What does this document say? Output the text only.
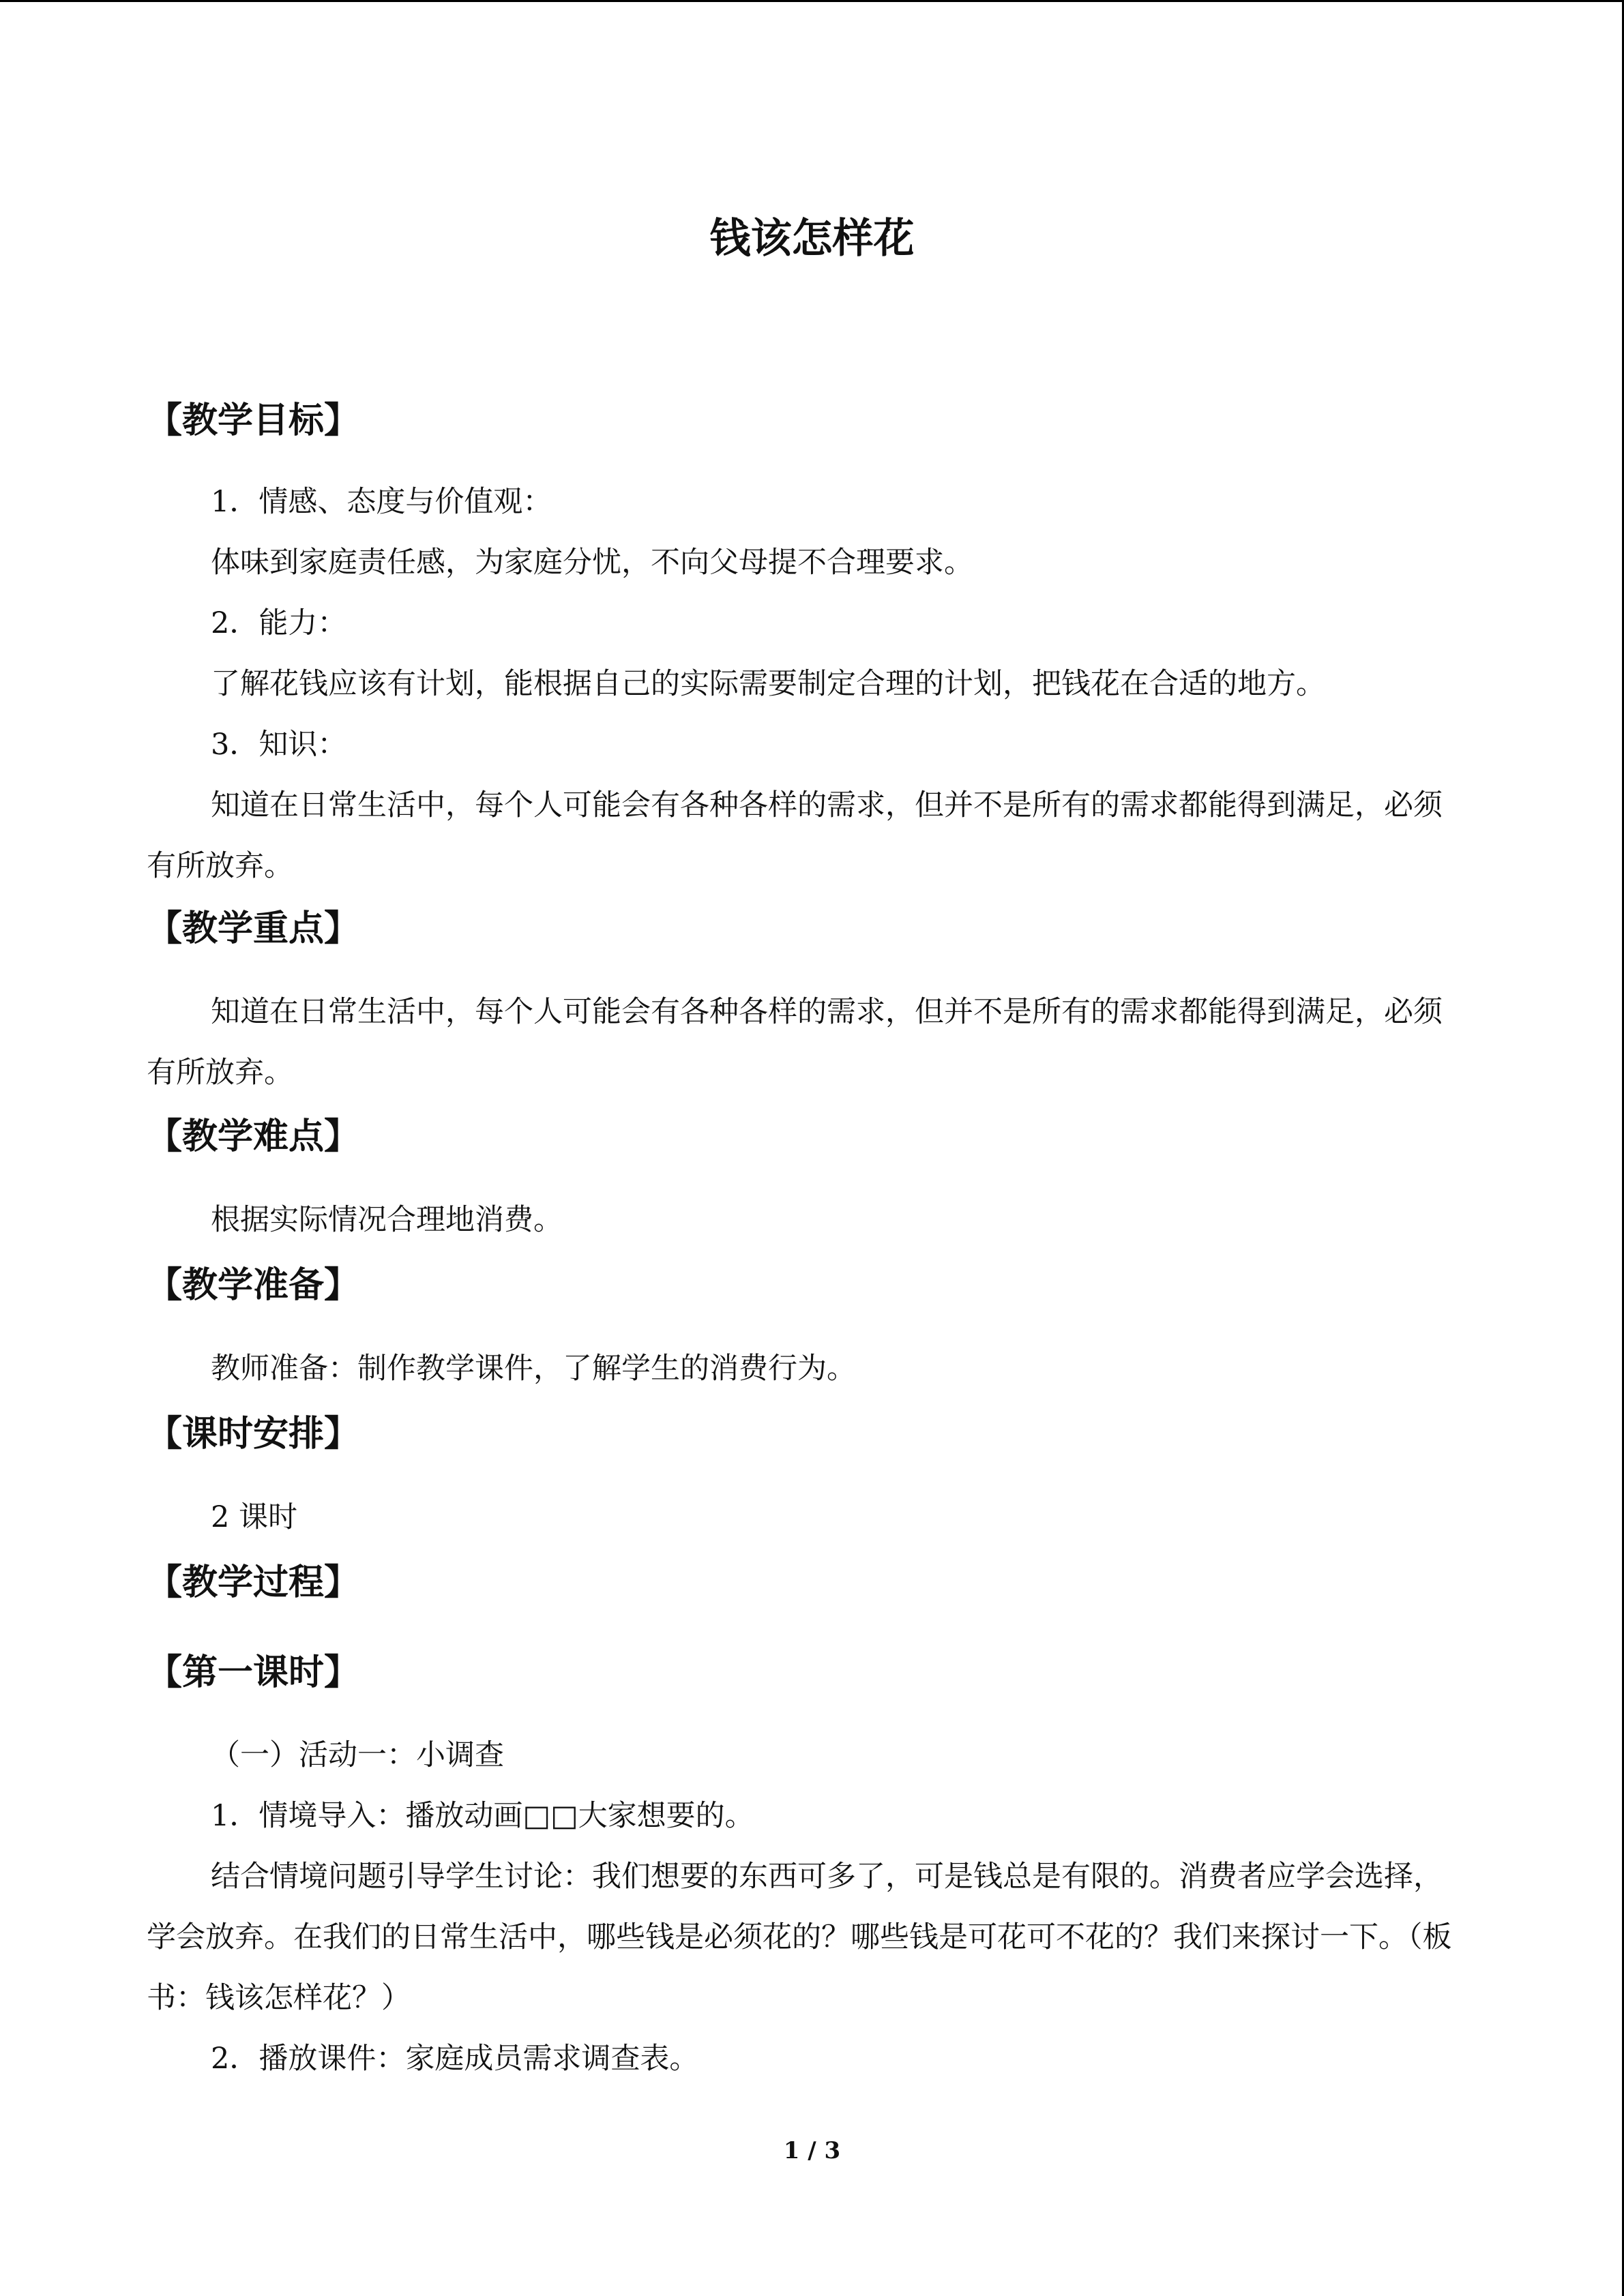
钱该怎样花
【教学目标】

1．情感、态度与价值观：

体味到家庭责任感，为家庭分忧，不向父母提不合理要求。

2．能力：

了解花钱应该有计划，能根据自己的实际需要制定合理的计划，把钱花在合适的地方。

3．知识：

知道在日常生活中，每个人可能会有各种各样的需求，但并不是所有的需求都能得到满足，必须有所放弃。

【教学重点】

知道在日常生活中，每个人可能会有各种各样的需求，但并不是所有的需求都能得到满足，必须有所放弃。

【教学难点】

根据实际情况合理地消费。

【教学准备】

教师准备：制作教学课件，了解学生的消费行为。

【课时安排】

2 课时

【教学过程】
【第一课时】

（一）活动一：小调查

1．情境导入：播放动画□□大家想要的。

结合情境问题引导学生讨论：我们想要的东西可多了，可是钱总是有限的。消费者应学会选择，学会放弃。在我们的日常生活中，哪些钱是必须花的？哪些钱是可花可不花的？我们来探讨一下。（板书：钱该怎样花？）

2．播放课件：家庭成员需求调查表。

1 / 3
